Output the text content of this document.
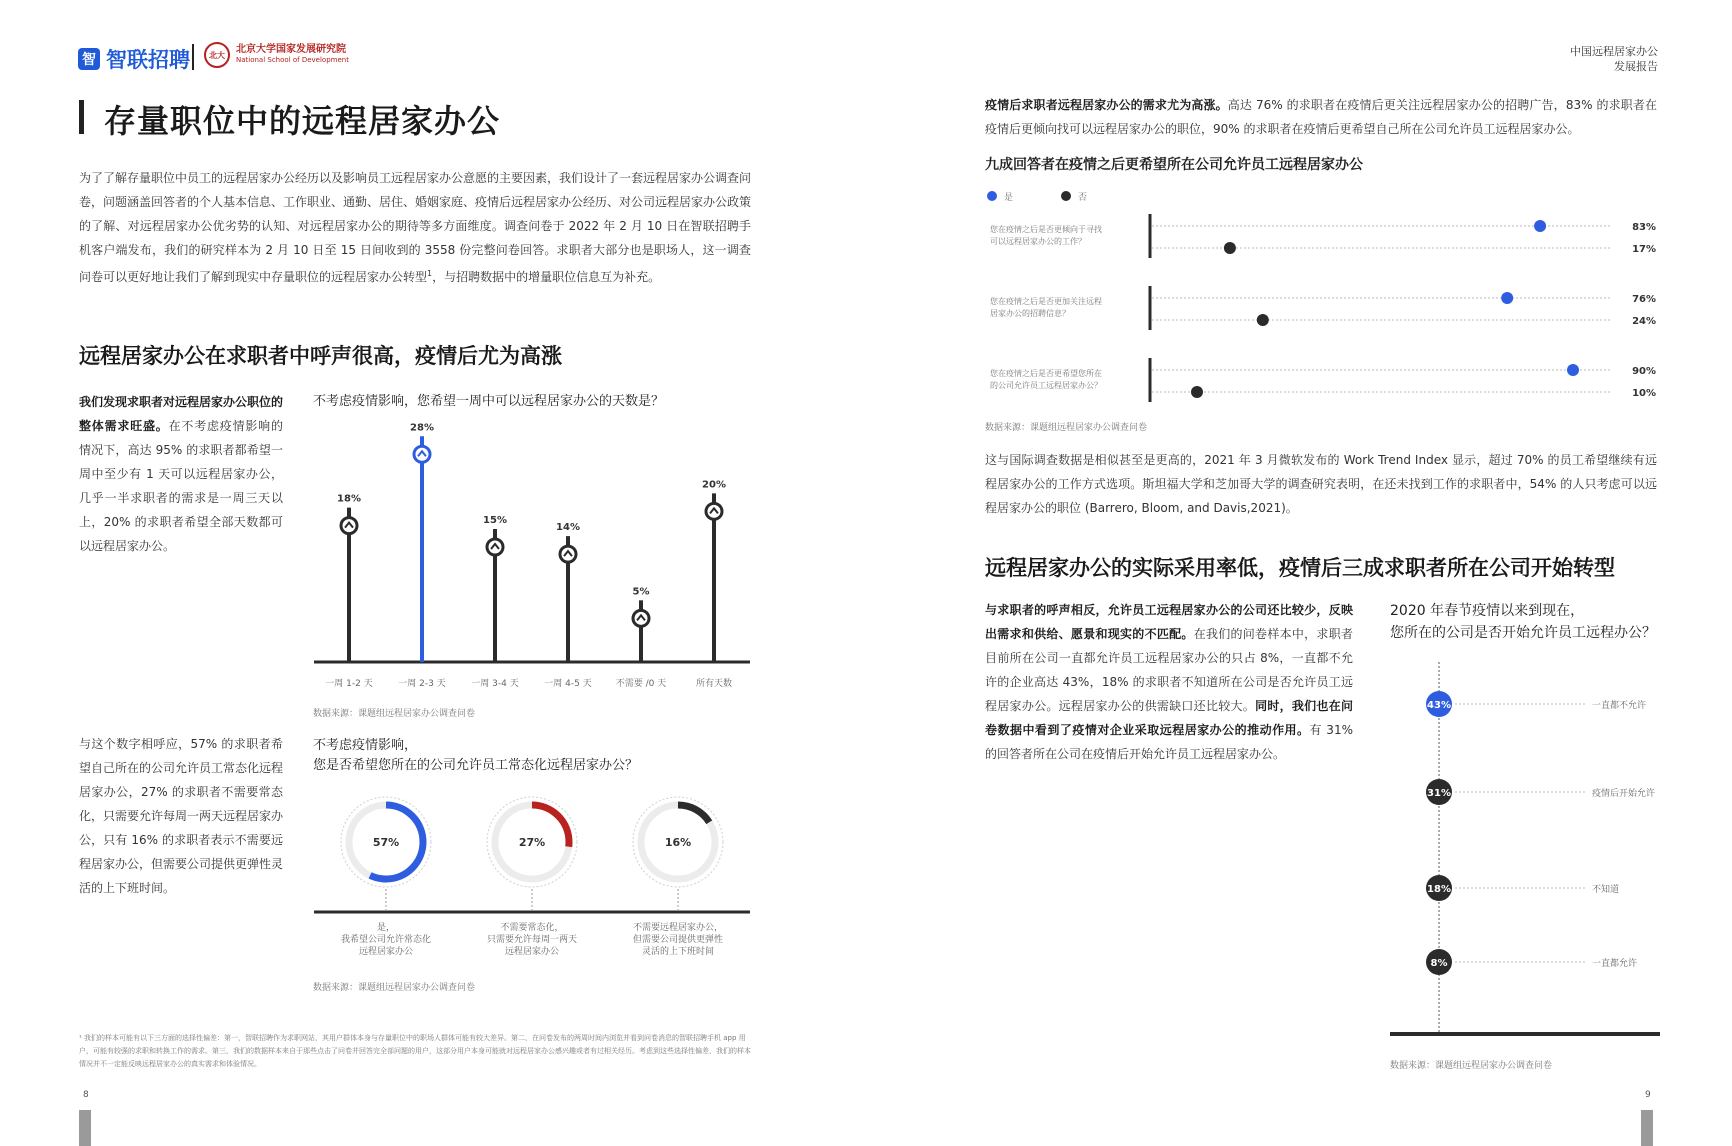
智 智联招聘 北大 北京大学国家发展研究院
National School of Development
中国远程居家办公
发展报告
存量职位中的远程居家办公

为了了解存量职位中员工的远程居家办公经历以及影响员工远程居家办公意愿的主要因素，我们设计了一套远程居家办公调查问卷，问题涵盖回答者的个人基本信息、工作职业、通勤、居住、婚姻家庭、疫情后远程居家办公经历、对公司远程居家办公政策的了解、对远程居家办公优劣势的认知、对远程居家办公的期待等多方面维度。调查问卷于 2022 年 2 月 10 日在智联招聘手机客户端发布，我们的研究样本为 2 月 10 日至 15 日间收到的 3558 份完整问卷回答。求职者大部分也是职场人，这一调查问卷可以更好地让我们了解到现实中存量职位的远程居家办公转型$^1$，与招聘数据中的增量职位信息互为补充。

远程居家办公在求职者中呼声很高，疫情后尤为高涨

我们发现求职者对远程居家办公职位的整体需求旺盛。在不考虑疫情影响的情况下，高达 95% 的求职者都希望一周中至少有 1 天可以远程居家办公，几乎一半求职者的需求是一周三天以上，20% 的求职者希望全部天数都可以远程居家办公。

与这个数字相呼应，57% 的求职者希望自己所在的公司允许员工常态化远程居家办公，27% 的求职者不需要常态化，只需要允许每周一两天远程居家办公，只有 16% 的求职者表示不需要远程居家办公，但需要公司提供更弹性灵活的上下班时间。

不考虑疫情影响，您希望一周中可以远程居家办公的天数是？
18%
一周 1-2 天
28%
一周 2-3 天
15%
一周 3-4 天
14%
一周 4-5 天
5%
不需要 /0 天
20%
所有天数
数据来源：课题组远程居家办公调查问卷
不考虑疫情影响，
您是否希望您所在的公司允许员工常态化远程居家办公？
57%
是，
我希望公司允许常态化
远程居家办公
27%
不需要常态化，
只需要允许每周一两天
远程居家办公
16%
不需要远程居家办公，
但需要公司提供更弹性
灵活的上下班时间
数据来源：课题组远程居家办公调查问卷
¹ 我们的样本可能有以下三方面的选择性偏差：第一，智联招聘作为求职网站，其用户群体本身与存量职位中的职场人群体可能有较大差异。第二，在问卷发布的两周时间内浏览并看到问卷消息的智联招聘手机 app 用户，可能有较强的求职和转换工作的需求。第三，我们的数据样本来自于那些点击了问卷并回答完全部问题的用户，这部分用户本身可能就对远程居家办公感兴趣或者有过相关经历。考虑到这些选择性偏差，我们的样本情况并不一定能反映远程居家办公的真实需求和体验情况。
8

疫情后求职者远程居家办公的需求尤为高涨。高达 76% 的求职者在疫情后更关注远程居家办公的招聘广告，83% 的求职者在疫情后更倾向找可以远程居家办公的职位，90% 的求职者在疫情后更希望自己所在公司允许员工远程居家办公。

九成回答者在疫情之后更希望所在公司允许员工远程居家办公
是	否
您在疫情之后是否更倾向于寻找
可以远程居家办公的工作？
83%
17%
您在疫情之后是否更加关注远程
居家办公的招聘信息？
76%
24%
您在疫情之后是否更希望您所在
的公司允许员工远程居家办公？
90%
10%
数据来源：课题组远程居家办公调查问卷

这与国际调查数据是相似甚至是更高的，2021 年 3 月微软发布的 Work Trend Index 显示，超过 70% 的员工希望继续有远程居家办公的工作方式选项。斯坦福大学和芝加哥大学的调查研究表明，在还未找到工作的求职者中，54% 的人只考虑可以远程居家办公的职位 (Barrero, Bloom, and Davis,2021)。

远程居家办公的实际采用率低，疫情后三成求职者所在公司开始转型

与求职者的呼声相反，允许员工远程居家办公的公司还比较少，反映出需求和供给、愿景和现实的不匹配。在我们的问卷样本中，求职者目前所在公司一直都允许员工远程居家办公的只占 8%，一直都不允许的企业高达 43%，18% 的求职者不知道所在公司是否允许员工远程居家办公。远程居家办公的供需缺口还比较大。同时，我们也在问卷数据中看到了疫情对企业采取远程居家办公的推动作用。有 31% 的回答者所在公司在疫情后开始允许员工远程居家办公。

2020 年春节疫情以来到现在，
您所在的公司是否开始允许员工远程办公？
43%	一直都不允许
31%	疫情后开始允许
18%	不知道
8%	一直都允许
数据来源：课题组远程居家办公调查问卷
9
